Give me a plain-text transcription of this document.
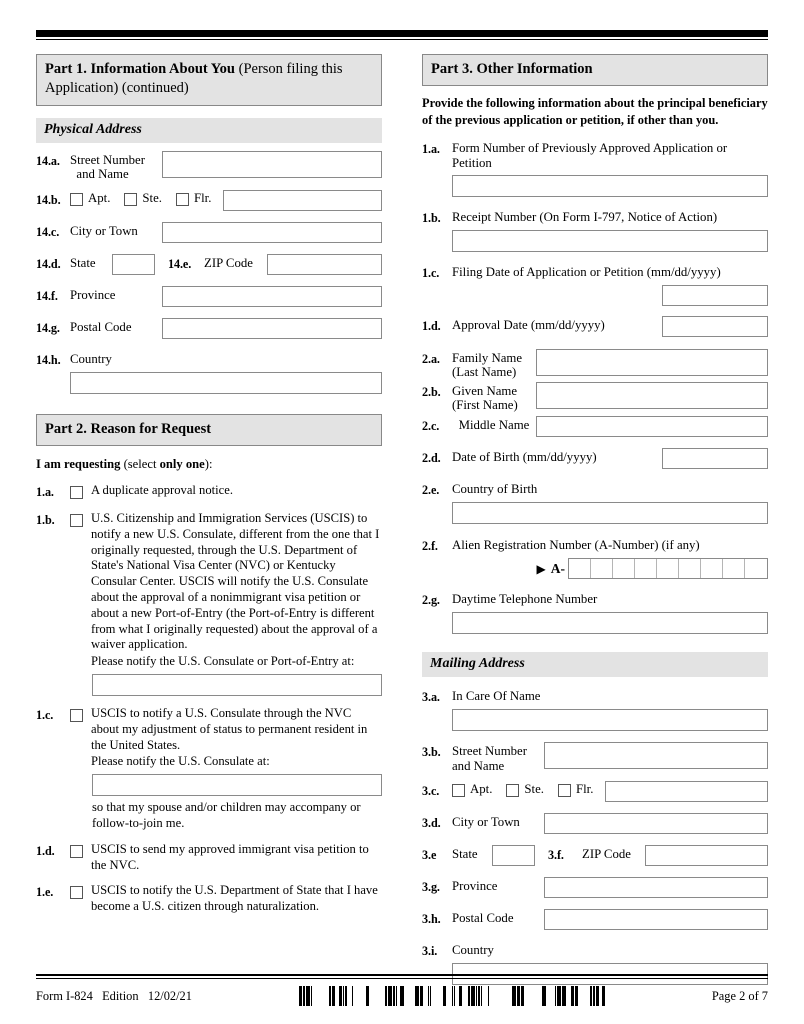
Part 1. Information About You (Person filing this Application) (continued)
Physical Address
14.a. Street Number
and Name
14.b.	Apt.	Ste.	Flr.
14.c. City or Town
14.d. State	14.e. ZIP Code
14.f. Province
14.g. Postal Code
14.h. Country
Part 2. Reason for Request
I am requesting (select only one):
1.a.	A duplicate approval notice.

1.b.	U.S. Citizenship and Immigration Services (USCIS) to notify a new U.S. Consulate, different from the one that I originally requested, through the U.S. Department of State's National Visa Center (NVC) or Kentucky Consular Center. USCIS will notify the U.S. Consulate about the approval of a nonimmigrant visa petition or about a new Port-of-Entry (the Port-of-Entry is different from what I originally requested) about the approval of a waiver application.

Please notify the U.S. Consulate or Port-of-Entry at:

1.c.	USCIS to notify a U.S. Consulate through the NVC about my adjustment of status to permanent resident in the United States.

Please notify the U.S. Consulate at:

so that my spouse and/or children may accompany or follow-to-join me.
1.d.	USCIS to send my approved immigrant visa petition to the NVC.

1.e.	USCIS to notify the U.S. Department of State that I have become a U.S. citizen through naturalization.

Part 3. Other Information
Provide the following information about the principal beneficiary of the previous application or petition, if other than you.
1.a. Form Number of Previously Approved Application or Petition
1.b. Receipt Number (On Form I-797, Notice of Action)
1.c. Filing Date of Application or Petition (mm/dd/yyyy)
1.d. Approval Date (mm/dd/yyyy)
2.a. Family Name
(Last Name)
2.b. Given Name
(First Name)
2.c.	Middle Name
2.d. Date of Birth (mm/dd/yyyy)
2.e. Country of Birth
2.f.	Alien Registration Number (A-Number) (if any)
▶ A-
2.g. Daytime Telephone Number
Mailing Address
3.a. In Care Of Name
3.b. Street Number
and Name
3.c.	Apt.	Ste.	Flr.
3.d. City or Town
3.e	State	3.f.	ZIP Code
3.g. Province
3.h. Postal Code
3.i.	Country
Form I-824 Edition 12/02/21	Page 2 of 7
